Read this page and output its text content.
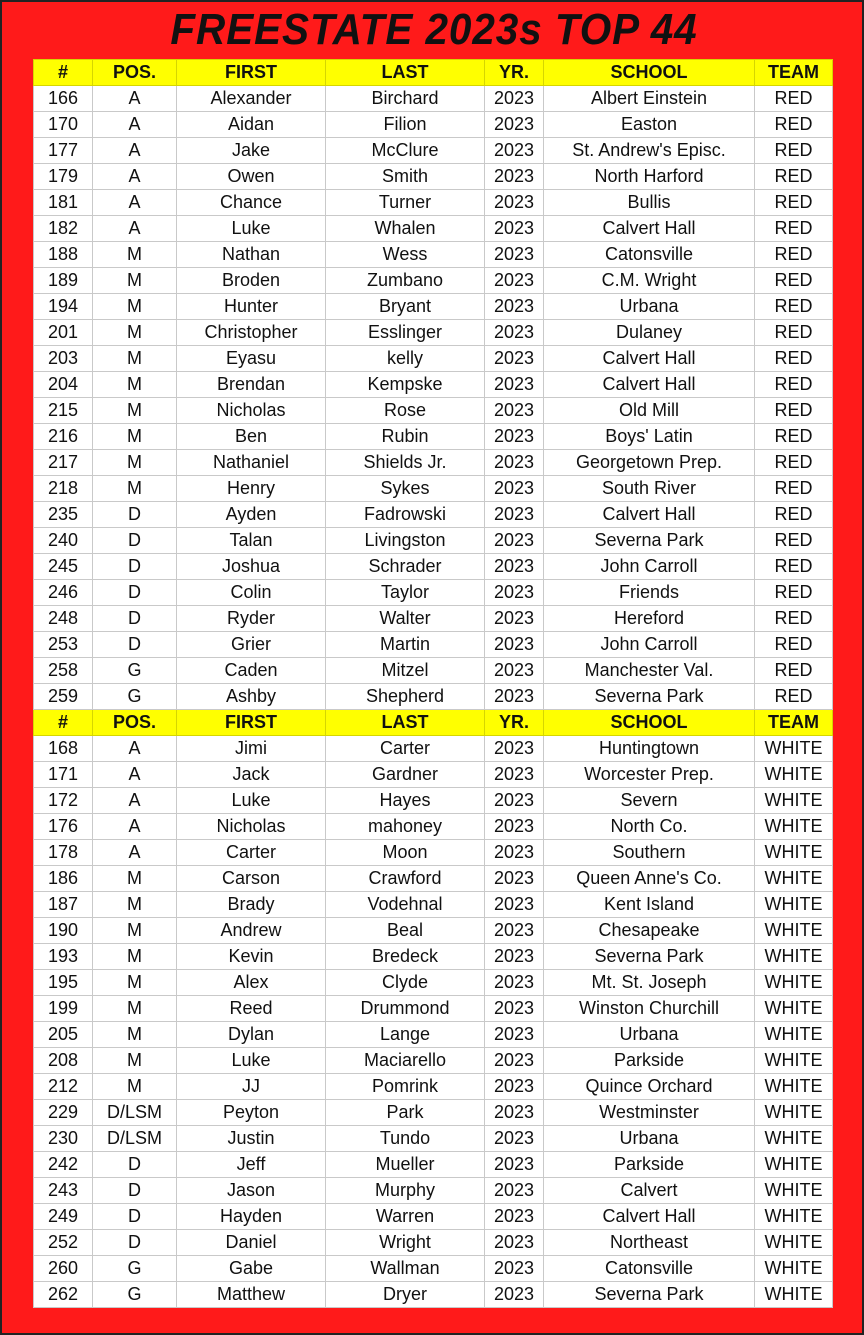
FREESTATE 2023s TOP 44
#	POS.	FIRST	LAST	YR.	SCHOOL	TEAM
166	A	Alexander	Birchard	2023	Albert Einstein	RED
170	A	Aidan	Filion	2023	Easton	RED
177	A	Jake	McClure	2023	St. Andrew's Episc.	RED
179	A	Owen	Smith	2023	North Harford	RED
181	A	Chance	Turner	2023	Bullis	RED
182	A	Luke	Whalen	2023	Calvert Hall	RED
188	M	Nathan	Wess	2023	Catonsville	RED
189	M	Broden	Zumbano	2023	C.M. Wright	RED
194	M	Hunter	Bryant	2023	Urbana	RED
201	M	Christopher	Esslinger	2023	Dulaney	RED
203	M	Eyasu	kelly	2023	Calvert Hall	RED
204	M	Brendan	Kempske	2023	Calvert Hall	RED
215	M	Nicholas	Rose	2023	Old Mill	RED
216	M	Ben	Rubin	2023	Boys' Latin	RED
217	M	Nathaniel	Shields Jr.	2023	Georgetown Prep.	RED
218	M	Henry	Sykes	2023	South River	RED
235	D	Ayden	Fadrowski	2023	Calvert Hall	RED
240	D	Talan	Livingston	2023	Severna Park	RED
245	D	Joshua	Schrader	2023	John Carroll	RED
246	D	Colin	Taylor	2023	Friends	RED
248	D	Ryder	Walter	2023	Hereford	RED
253	D	Grier	Martin	2023	John Carroll	RED
258	G	Caden	Mitzel	2023	Manchester Val.	RED
259	G	Ashby	Shepherd	2023	Severna Park	RED
#	POS.	FIRST	LAST	YR.	SCHOOL	TEAM
168	A	Jimi	Carter	2023	Huntingtown	WHITE
171	A	Jack	Gardner	2023	Worcester Prep.	WHITE
172	A	Luke	Hayes	2023	Severn	WHITE
176	A	Nicholas	mahoney	2023	North Co.	WHITE
178	A	Carter	Moon	2023	Southern	WHITE
186	M	Carson	Crawford	2023	Queen Anne's Co.	WHITE
187	M	Brady	Vodehnal	2023	Kent Island	WHITE
190	M	Andrew	Beal	2023	Chesapeake	WHITE
193	M	Kevin	Bredeck	2023	Severna Park	WHITE
195	M	Alex	Clyde	2023	Mt. St. Joseph	WHITE
199	M	Reed	Drummond	2023	Winston Churchill	WHITE
205	M	Dylan	Lange	2023	Urbana	WHITE
208	M	Luke	Maciarello	2023	Parkside	WHITE
212	M	JJ	Pomrink	2023	Quince Orchard	WHITE
229	D/LSM	Peyton	Park	2023	Westminster	WHITE
230	D/LSM	Justin	Tundo	2023	Urbana	WHITE
242	D	Jeff	Mueller	2023	Parkside	WHITE
243	D	Jason	Murphy	2023	Calvert	WHITE
249	D	Hayden	Warren	2023	Calvert Hall	WHITE
252	D	Daniel	Wright	2023	Northeast	WHITE
260	G	Gabe	Wallman	2023	Catonsville	WHITE
262	G	Matthew	Dryer	2023	Severna Park	WHITE
